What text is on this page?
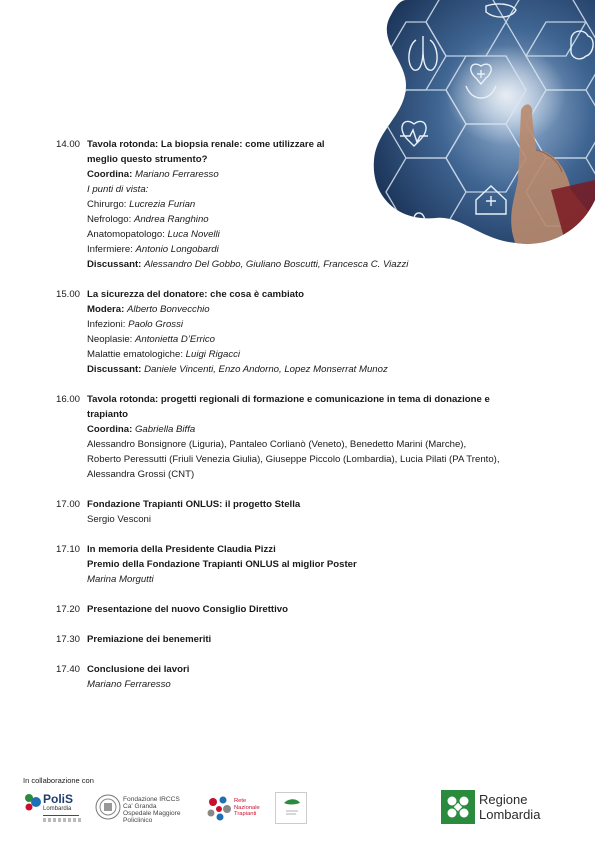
14.00 Tavola rotonda: La biopsia renale: come utilizzare al
meglio questo strumento?
Coordina: Mariano Ferraresso
I punti di vista:
Chirurgo: Lucrezia Furian
Nefrologo: Andrea Ranghino
Anatomopatologo: Luca Novelli
Infermiere: Antonio Longobardi
Discussant: Alessandro Del Gobbo, Giuliano Boscutti, Francesca C. Viazzi
15.00 La sicurezza del donatore: che cosa è cambiato
Modera: Alberto Bonvecchio
Infezioni: Paolo Grossi
Neoplasie: Antonietta D’Errico
Malattie ematologiche: Luigi Rigacci
Discussant: Daniele Vincenti, Enzo Andorno, Lopez Monserrat Munoz
16.00 Tavola rotonda: progetti regionali di formazione e comunicazione in tema di donazione e
trapianto
Coordina: Gabriella Biffa
Alessandro Bonsignore (Liguria), Pantaleo Corlianò (Veneto), Benedetto Marini (Marche),
Roberto Peressutti (Friuli Venezia Giulia), Giuseppe Piccolo (Lombardia), Lucia Pilati (PA Trento),
Alessandra Grossi (CNT)
17.00 Fondazione Trapianti ONLUS: il progetto Stella
Sergio Vesconi
17.10 In memoria della Presidente Claudia Pizzi
Premio della Fondazione Trapianti ONLUS al miglior Poster
Marina Morgutti
17.20 Presentazione del nuovo Consiglio Direttivo
17.30 Premiazione dei benemeriti
17.40 Conclusione dei lavori
Mariano Ferraresso
In collaborazione con
PoliS
Lombardia
Fondazione IRCCS
Ca' Granda
Ospedale Maggiore
Policlinico
Rete
Nazionale
Trapianti
Regione
Lombardia
